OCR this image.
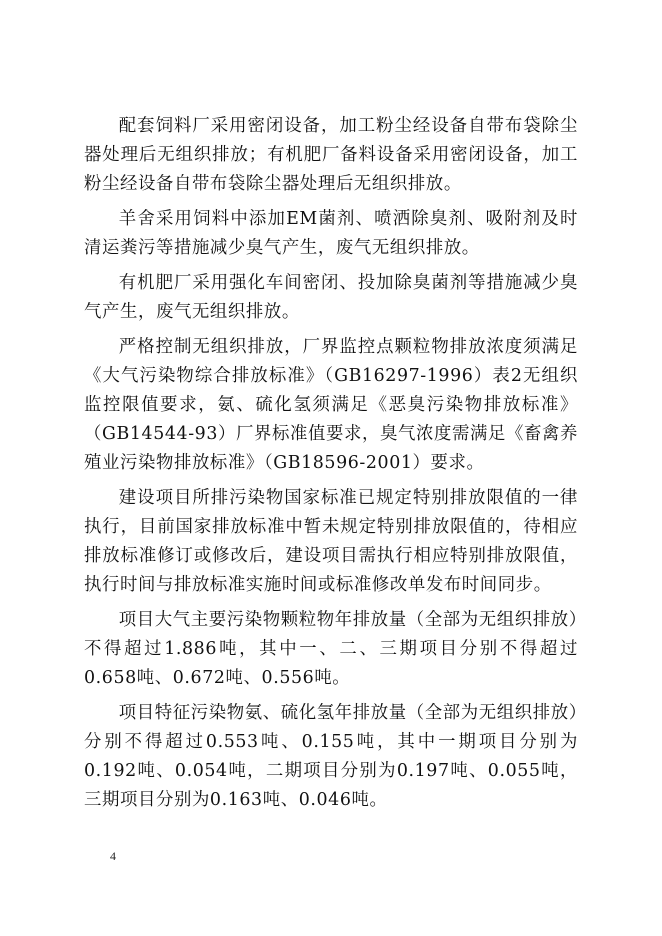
配套饲料厂采用密闭设备，加工粉尘经设备自带布袋除尘器处理后无组织排放；有机肥厂备料设备采用密闭设备，加工粉尘经设备自带布袋除尘器处理后无组织排放。

羊舍采用饲料中添加EM菌剂、喷洒除臭剂、吸附剂及时清运粪污等措施减少臭气产生，废气无组织排放。

有机肥厂采用强化车间密闭、投加除臭菌剂等措施减少臭气产生，废气无组织排放。

严格控制无组织排放，厂界监控点颗粒物排放浓度须满足《大气污染物综合排放标准》（GB16297-1996）表2无组织监控限值要求，氨、硫化氢须满足《恶臭污染物排放标准》（GB14544-93）厂界标准值要求，臭气浓度需满足《畜禽养殖业污染物排放标准》（GB18596-2001）要求。

建设项目所排污染物国家标准已规定特别排放限值的一律执行，目前国家排放标准中暂未规定特别排放限值的，待相应排放标准修订或修改后，建设项目需执行相应特别排放限值，执行时间与排放标准实施时间或标准修改单发布时间同步。

项目大气主要污染物颗粒物年排放量（全部为无组织排放）不得超过1.886吨，其中一、二、三期项目分别不得超过0.658吨、0.672吨、0.556吨。

项目特征污染物氨、硫化氢年排放量（全部为无组织排放）分别不得超过0.553吨、0.155吨，其中一期项目分别为0.192吨、0.054吨，二期项目分别为0.197吨、0.055吨，三期项目分别为0.163吨、0.046吨。

4
